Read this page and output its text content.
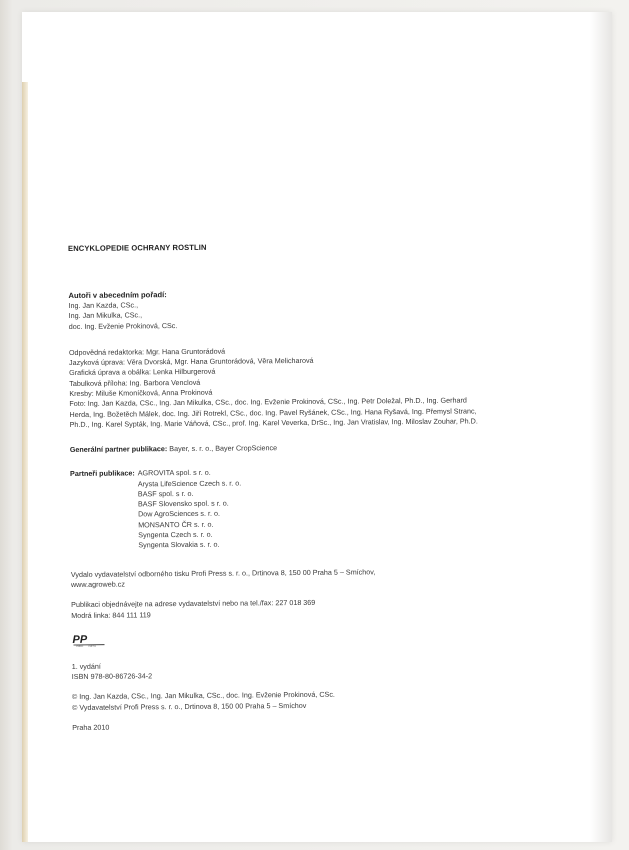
ENCYKLOPEDIE OCHRANY ROSTLIN
Autoři v abecedním pořadí:
Ing. Jan Kazda, CSc.,
Ing. Jan Mikulka, CSc.,
doc. Ing. Evženie Prokinová, CSc.
Odpovědná redaktorka: Mgr. Hana Gruntorádová
Jazyková úprava: Věra Dvorská, Mgr. Hana Gruntorádová, Věra Melicharová
Grafická úprava a obálka: Lenka Hilburgerová
Tabulková příloha: Ing. Barbora Venclová
Kresby: Miluše Kmoníčková, Anna Prokinová
Foto: Ing. Jan Kazda, CSc., Ing. Jan Mikulka, CSc., doc. Ing. Evženie Prokinová, CSc., Ing. Petr Doležal, Ph.D., Ing. Gerhard Herda, Ing. Božetěch Málek, doc. Ing. Jiří Rotrekl, CSc., doc. Ing. Pavel Ryšánek, CSc., Ing. Hana Ryšavá, Ing. Přemysl Stranc, Ph.D., Ing. Karel Sypták, Ing. Marie Váňová, CSc., prof. Ing. Karel Veverka, DrSc., Ing. Jan Vratislav, Ing. Miloslav Zouhar, Ph.D.
Generální partner publikace: Bayer, s. r. o., Bayer CropScience
Partneři publikace: AGROVITA spol. s r. o.
Arysta LifeScience Czech s. r. o.
BASF spol. s r. o.
BASF Slovensko spol. s r. o.
Dow AgroSciences s. r. o.
MONSANTO ČR s. r. o.
Syngenta Czech s. r. o.
Syngenta Slovakia s. r. o.
Vydalo vydavatelství odborného tisku Profi Press s. r. o., Drtinova 8, 150 00 Praha 5 – Smíchov,
www.agroweb.cz
Publikaci objednávejte na adrese vydavatelství nebo na tel./fax: 227 018 369
Modrá linka: 844 111 119
PP
PROFI PRESS
1. vydání
ISBN 978-80-86726-34-2
© Ing. Jan Kazda, CSc., Ing. Jan Mikulka, CSc., doc. Ing. Evženie Prokinová, CSc.
© Vydavatelství Profi Press s. r. o., Drtinova 8, 150 00 Praha 5 – Smíchov
Praha 2010
